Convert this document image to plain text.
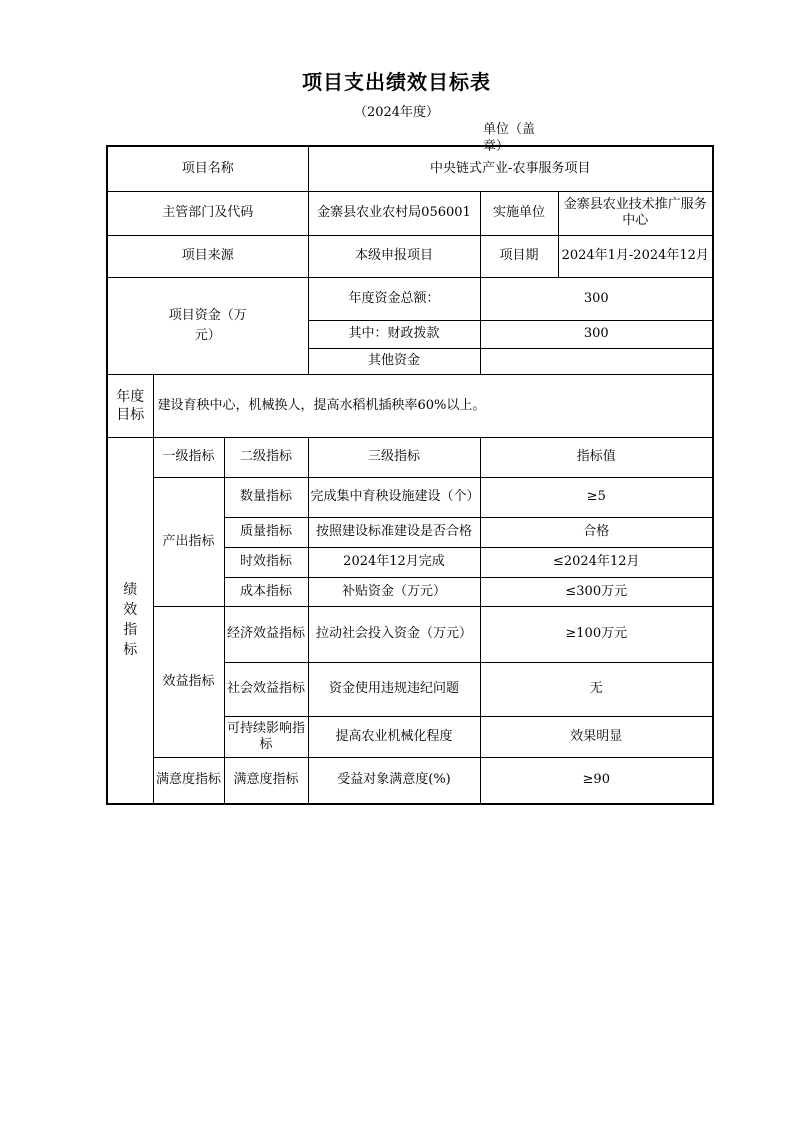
项目支出绩效目标表
（2024年度）
单位（盖章）
项目名称			中央链式产业-农事服务项目		
主管部门及代码			金寨县农业农村局056001	实施单位	金寨县农业技术推广服务中心
项目来源			本级申报项目	项目期	2024年1月-2024年12月
项目资金（万元）			年度资金总额：	300	
			其中：财政拨款	300	
			其他资金		
年度目标	建设育秧中心，机械换人，提高水稻机插秧率60%以上。				
绩效指标	一级指标	二级指标	三级指标	指标值	
	产出指标	数量指标	完成集中育秧设施建设（个）	≥5	
		质量指标	按照建设标准建设是否合格	合格	
		时效指标	2024年12月完成	≤2024年12月	
		成本指标	补贴资金（万元）	≤300万元	
	效益指标	经济效益指标	拉动社会投入资金（万元）	≥100万元	
		社会效益指标	资金使用违规违纪问题	无	
		可持续影响指标	提高农业机械化程度	效果明显	
	满意度指标	满意度指标	受益对象满意度(%)	≥90	
